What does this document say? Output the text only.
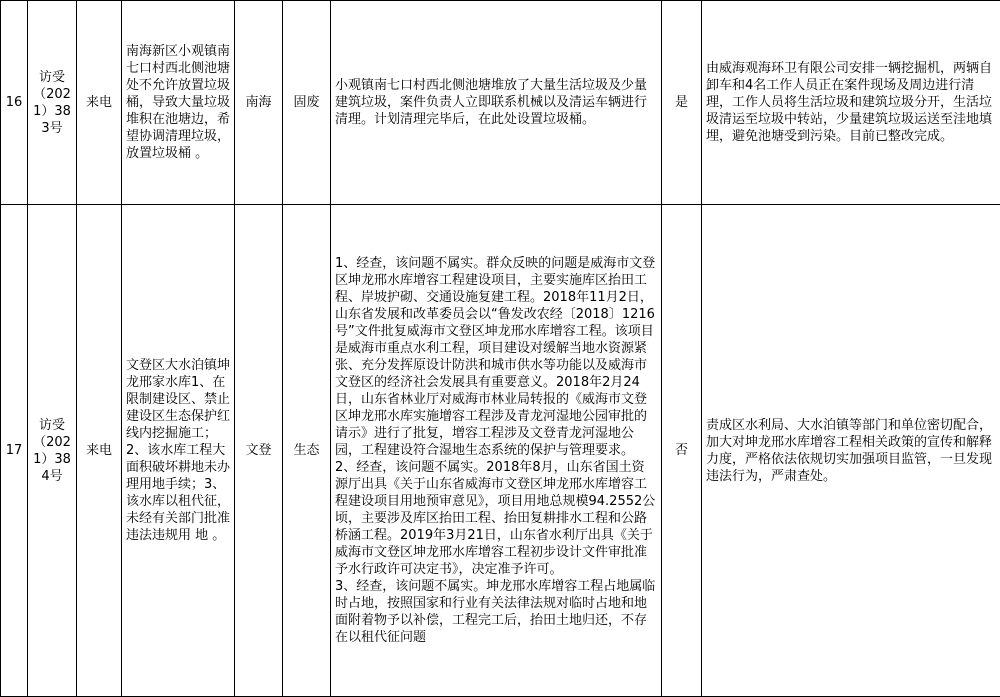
16	访受（2021）383号	来电	南海新区小观镇南七口村西北侧池塘处不允许放置垃圾桶，导致大量垃圾堆积在池塘边，希望协调清理垃圾，放置垃圾桶 。	南海	固废	小观镇南七口村西北侧池塘堆放了大量生活垃圾及少量建筑垃圾，案件负责人立即联系机械以及清运车辆进行清理。计划清理完毕后，在此处设置垃圾桶。	是	由威海观海环卫有限公司安排一辆挖掘机，两辆自卸车和4名工作人员正在案件现场及周边进行清理，工作人员将生活垃圾和建筑垃圾分开，生活垃圾清运至垃圾中转站，少量建筑垃圾运送至洼地填埋，避免池塘受到污染。目前已整改完成。
17	访受（2021）384号	来电	文登区大水泊镇坤龙邢家水库1、在限制建设区、禁止建设区生态保护红线内挖掘施工；2、该水库工程大面积破坏耕地未办理用地手续；3、该水库以租代征，未经有关部门批准违法违规用 地 。	文登	生态	1、经查，该问题不属实。群众反映的问题是威海市文登区坤龙邢水库增容工程建设项目，主要实施库区抬田工程、岸坡护砌、交通设施复建工程。2018年11月2日，山东省发展和改革委员会以“鲁发改农经〔2018〕1216号”文件批复威海市文登区坤龙邢水库增容工程。该项目是威海市重点水利工程，项目建设对缓解当地水资源紧张、充分发挥原设计防洪和城市供水等功能以及威海市文登区的经济社会发展具有重要意义。2018年2月24日，山东省林业厅对威海市林业局转报的《威海市文登区坤龙邢水库实施增容工程涉及青龙河湿地公园审批的请示》进行了批复，增容工程涉及文登青龙河湿地公园，工程建设符合湿地生态系统的保护与管理要求。
2、经查，该问题不属实。2018年8月，山东省国土资源厅出具《关于山东省威海市文登区坤龙邢水库增容工程建设项目用地预审意见》，项目用地总规模94.2552公顷，主要涉及库区抬田工程、抬田复耕排水工程和公路桥涵工程。2019年3月21日，山东省水利厅出具《关于威海市文登区坤龙邢水库增容工程初步设计文件审批准予水行政许可决定书》，决定准予许可。
3、经查，该问题不属实。坤龙邢水库增容工程占地属临时占地，按照国家和行业有关法律法规对临时占地和地面附着物予以补偿，工程完工后，抬田土地归还，不存在以租代征问题	否	责成区水利局、大水泊镇等部门和单位密切配合，加大对坤龙邢水库增容工程相关政策的宣传和解释力度，严格依法依规切实加强项目监管，一旦发现违法行为，严肃查处。
